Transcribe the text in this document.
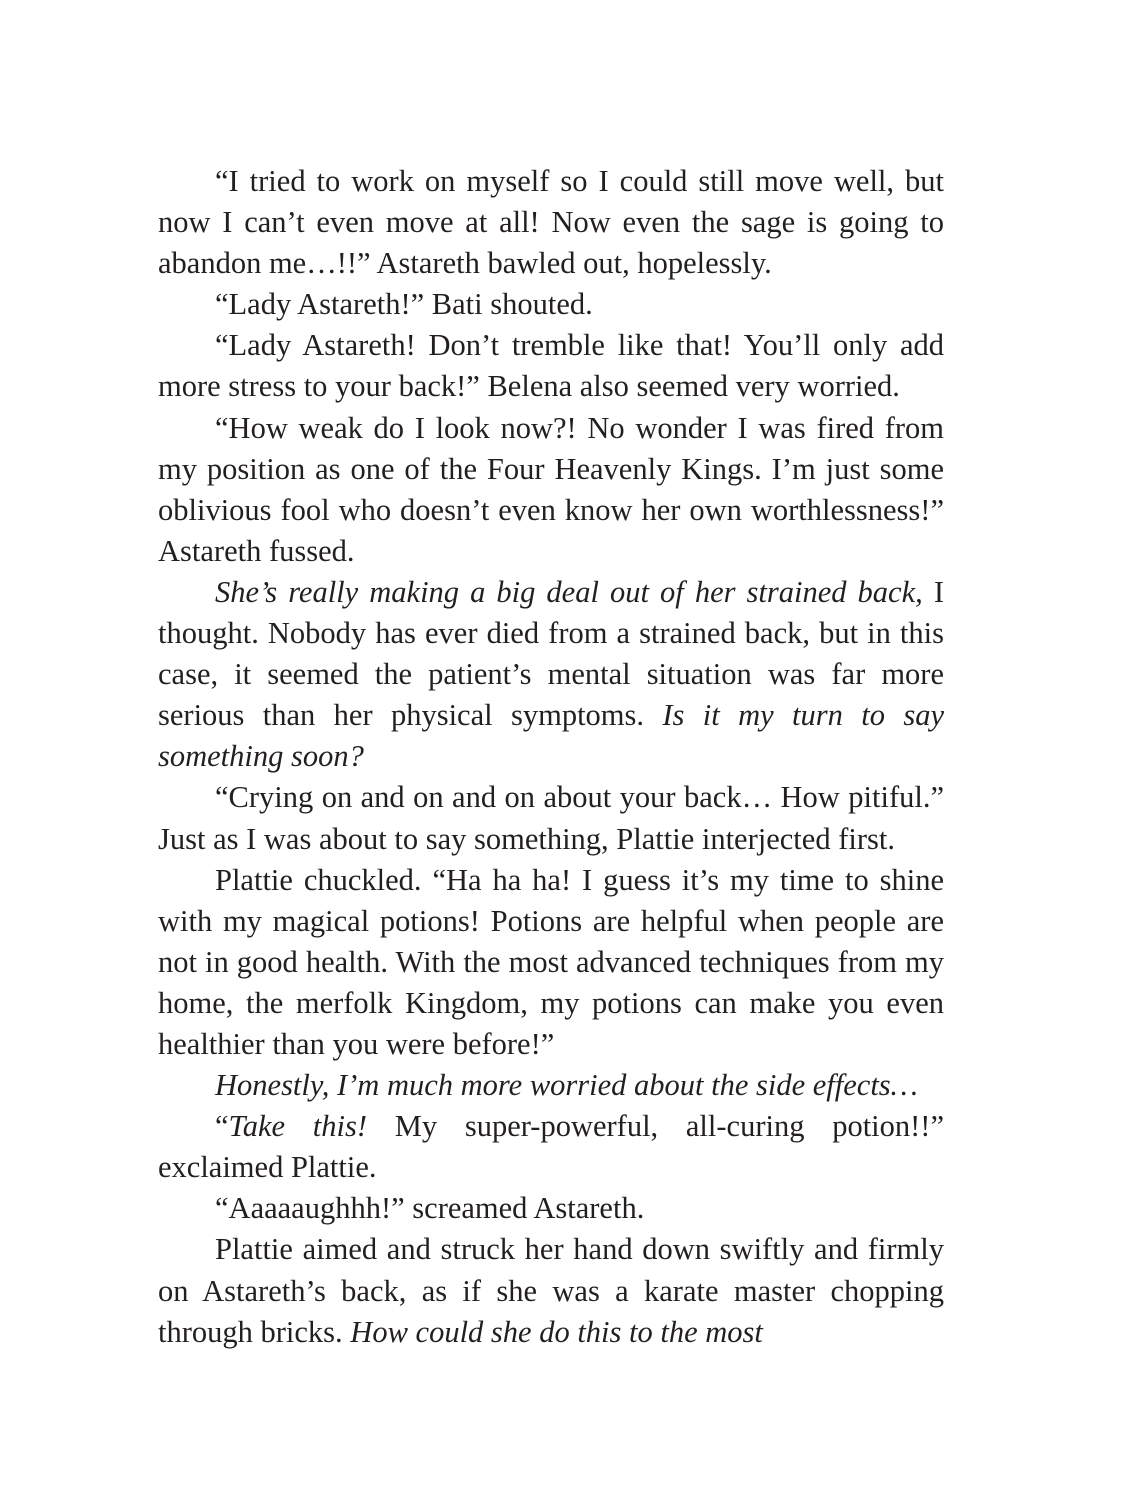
“I tried to work on myself so I could still move well, but now I can’t even move at all! Now even the sage is going to abandon me…!!” Astareth bawled out, hopelessly.

“Lady Astareth!” Bati shouted.

“Lady Astareth! Don’t tremble like that! You’ll only add more stress to your back!” Belena also seemed very worried.

“How weak do I look now?! No wonder I was fired from my position as one of the Four Heavenly Kings. I’m just some oblivious fool who doesn’t even know her own worthlessness!” Astareth fussed.

She’s really making a big deal out of her strained back, I thought. Nobody has ever died from a strained back, but in this case, it seemed the patient’s mental situation was far more serious than her physical symptoms. Is it my turn to say something soon?

“Crying on and on and on about your back… How pitiful.” Just as I was about to say something, Plattie interjected first.

Plattie chuckled. “Ha ha ha! I guess it’s my time to shine with my magical potions! Potions are helpful when people are not in good health. With the most advanced techniques from my home, the merfolk Kingdom, my potions can make you even healthier than you were before!”

Honestly, I’m much more worried about the side effects…

“Take this! My super-powerful, all-curing potion!!” exclaimed Plattie.

“Aaaaaughhh!” screamed Astareth.

Plattie aimed and struck her hand down swiftly and firmly on Astareth’s back, as if she was a karate master chopping through bricks. How could she do this to the most
